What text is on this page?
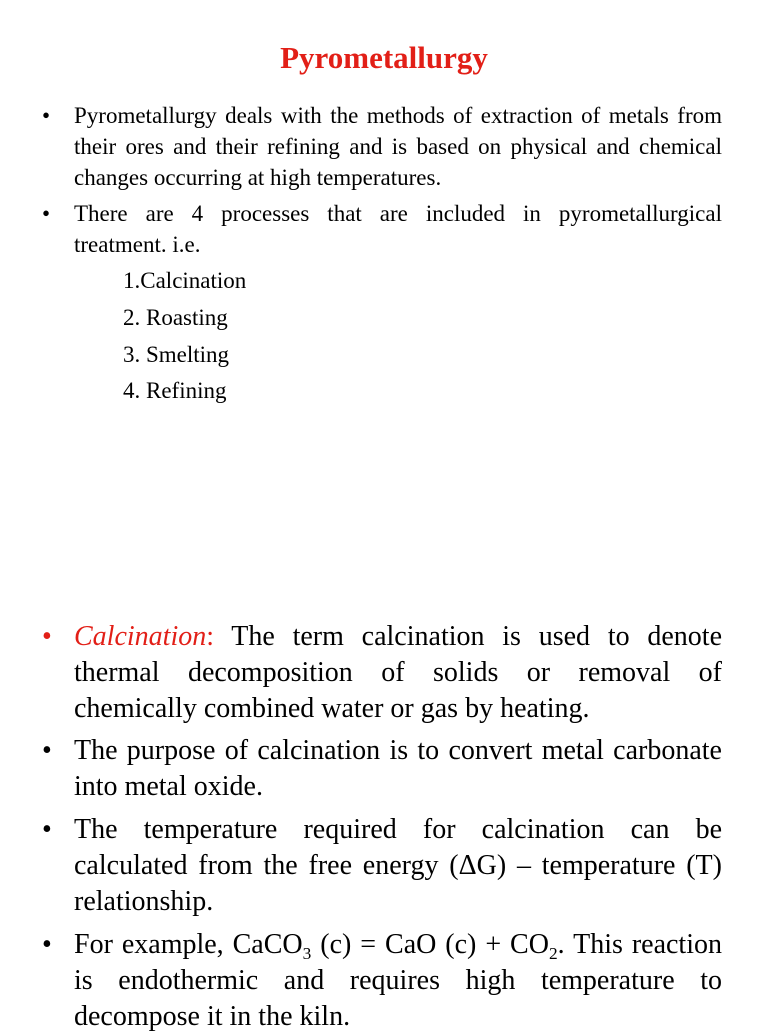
Pyrometallurgy
• Pyrometallurgy deals with the methods of extraction of metals from their ores and their refining and is based on physical and chemical changes occurring at high temperatures.
• There are 4 processes that are included in pyrometallurgical treatment. i.e.
1.Calcination
2. Roasting
3. Smelting
4. Refining
• Calcination: The term calcination is used to denote thermal decomposition of solids or removal of chemically combined water or gas by heating.
• The purpose of calcination is to convert metal carbonate into metal oxide.
• The temperature required for calcination can be calculated from the free energy (ΔG) – temperature (T) relationship.
• For example, CaCO$_3$ (c) = CaO $(c) + CO_2$. This reaction is endothermic and requires high temperature to decompose it in the kiln.
